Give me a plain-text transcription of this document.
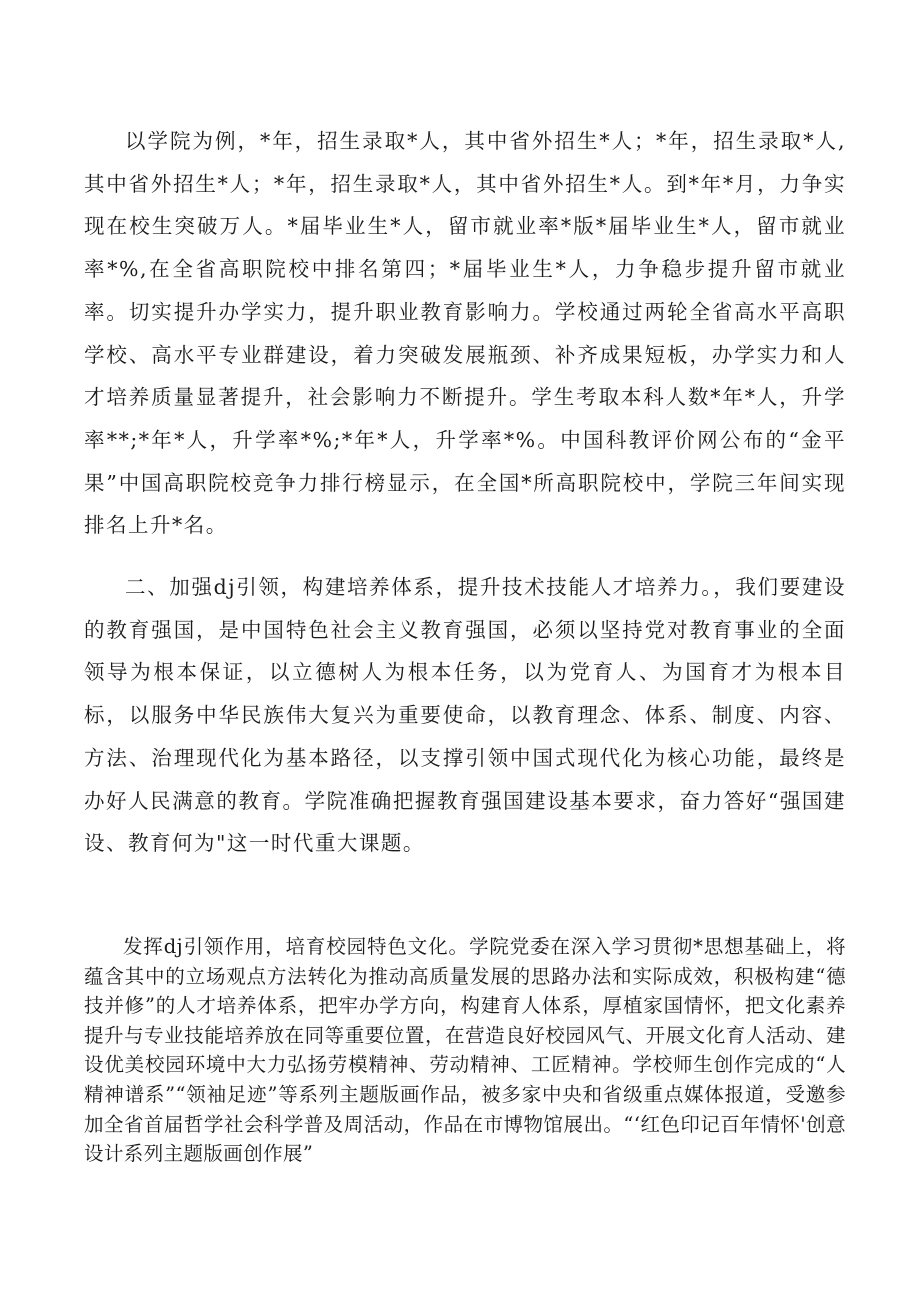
以学院为例，*年，招生录取*人，其中省外招生*人；*年，招生录取*人,其中省外招生*人；*年，招生录取*人，其中省外招生*人。到*年*月，力争实现在校生突破万人。*届毕业生*人，留市就业率*版*届毕业生*人，留市就业率*%,在全省高职院校中排名第四；*届毕业生*人，力争稳步提升留市就业率。切实提升办学实力，提升职业教育影响力。学校通过两轮全省高水平高职学校、高水平专业群建设，着力突破发展瓶颈、补齐成果短板，办学实力和人才培养质量显著提升，社会影响力不断提升。学生考取本科人数*年*人，升学率**;*年*人，升学率*%;*年*人，升学率*%。中国科教评价网公布的“金平果”中国高职院校竞争力排行榜显示，在全国*所高职院校中，学院三年间实现排名上升*名。

二、加强dj引领，构建培养体系，提升技术技能人才培养力。，我们要建设的教育强国，是中国特色社会主义教育强国，必须以坚持党对教育事业的全面领导为根本保证，以立德树人为根本任务，以为党育人、为国育才为根本目标，以服务中华民族伟大复兴为重要使命，以教育理念、体系、制度、内容、方法、治理现代化为基本路径，以支撑引领中国式现代化为核心功能，最终是办好人民满意的教育。学院准确把握教育强国建设基本要求，奋力答好“强国建设、教育何为"这一时代重大课题。

发挥dj引领作用，培育校园特色文化。学院党委在深入学习贯彻*思想基础上，将蕴含其中的立场观点方法转化为推动高质量发展的思路办法和实际成效，积极构建“德技并修”的人才培养体系，把牢办学方向，构建育人体系，厚植家国情怀，把文化素养提升与专业技能培养放在同等重要位置，在营造良好校园风气、开展文化育人活动、建设优美校园环境中大力弘扬劳模精神、劳动精神、工匠精神。学校师生创作完成的“人精神谱系”“领袖足迹”等系列主题版画作品，被多家中央和省级重点媒体报道，受邀参加全省首届哲学社会科学普及周活动，作品在市博物馆展出。“‘红色印记百年情怀'创意设计系列主题版画创作展”
